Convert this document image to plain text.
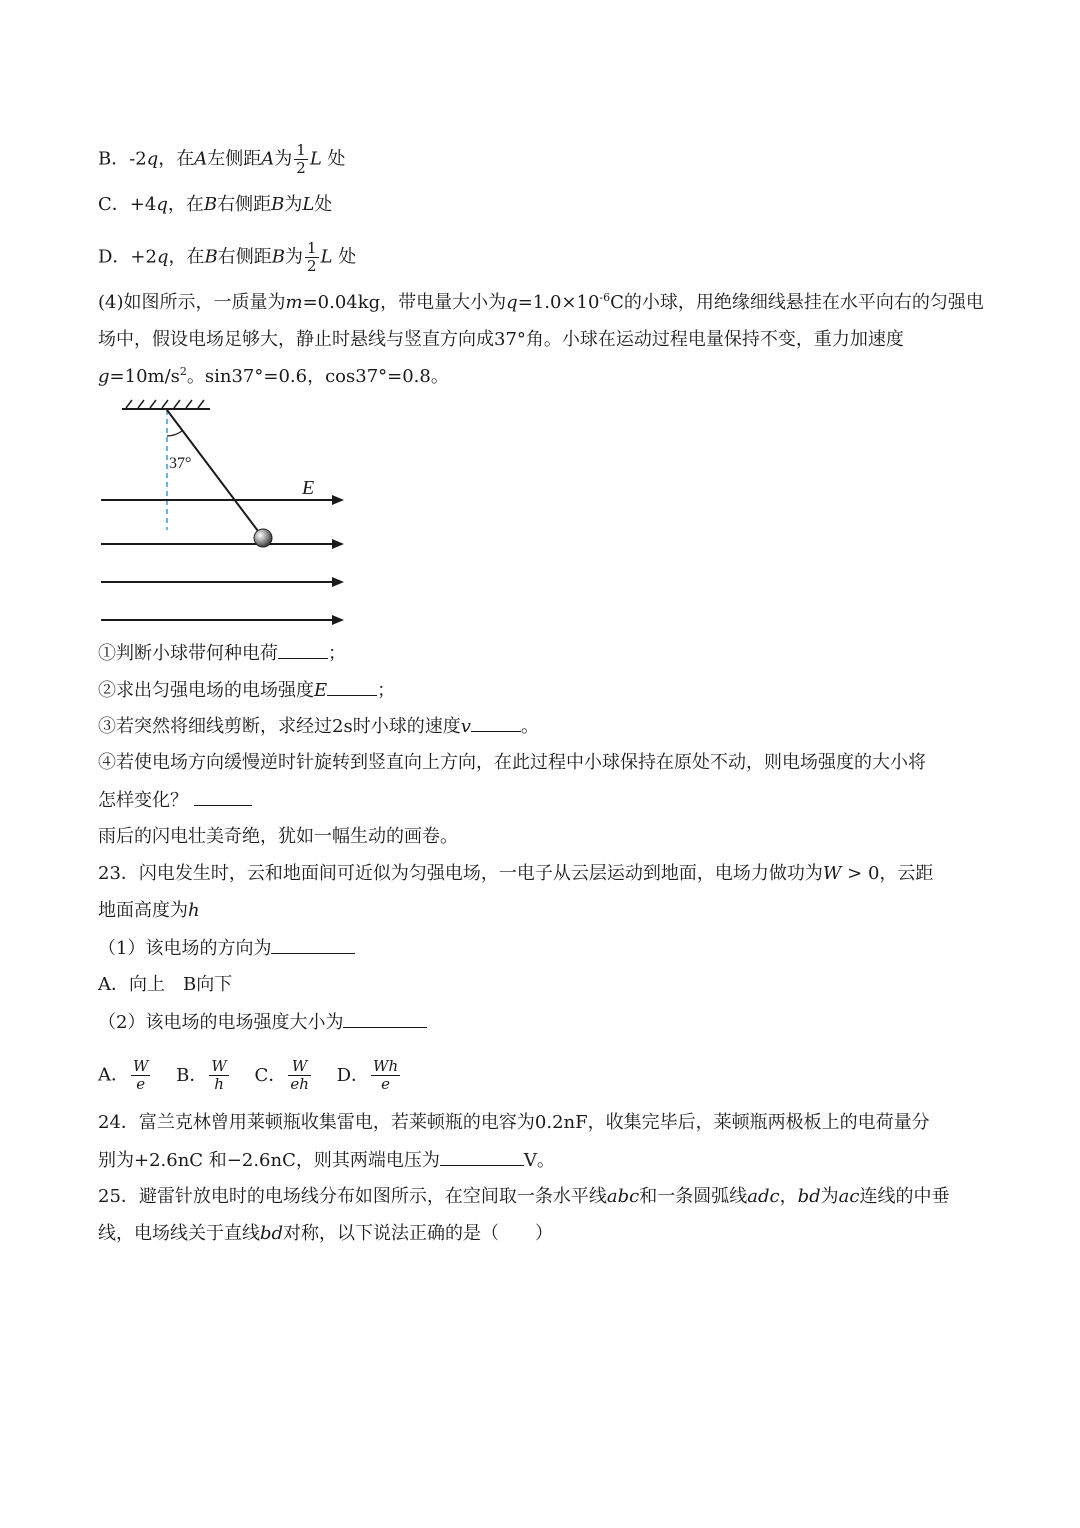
B．-2q，在A左侧距A为 $\frac{1}{2}$ L 处
C．+4q，在B右侧距B为L处
D．+2q，在B右侧距B为 $\frac{1}{2}$ L 处
(4)如图所示，一质量为m=0.04kg，带电量大小为$q=1.0\times 10^{-6}C$的小球，用绝缘细线悬挂在水平向右的匀强电
场中，假设电场足够大，静止时悬线与竖直方向成37°角。小球在运动过程电量保持不变，重力加速度
$g=10m/s^2$。sin37°=0.6，cos37°=0.8。
37°
E
①判断小球带何种电荷	；
②求出匀强电场的电场强度E	；
③若突然将细线剪断，求经过2s时小球的速度v	。
④若使电场方向缓慢逆时针旋转到竖直向上方向，在此过程中小球保持在原处不动，则电场强度的大小将
怎样变化？
雨后的闪电壮美奇绝，犹如一幅生动的画卷。
23．闪电发生时，云和地面间可近似为匀强电场，一电子从云层运动到地面，电场力做功为W > 0，云距
地面高度为h
（1）该电场的方向为
A．向上　B向下
（2）该电场的电场强度大小为
A． $\frac{W}{e}$ B． $\frac{W}{h}$ C． $\frac{W}{eh}$ D． $\frac{Wh}{e}$
24．富兰克林曾用莱顿瓶收集雷电，若莱顿瓶的电容为0.2nF，收集完毕后，莱顿瓶两极板上的电荷量分
别为+2.6nC 和−2.6nC，则其两端电压为	V。
25．避雷针放电时的电场线分布如图所示，在空间取一条水平线abc和一条圆弧线adc，bd为ac连线的中垂
线，电场线关于直线bd对称，以下说法正确的是（　　）
